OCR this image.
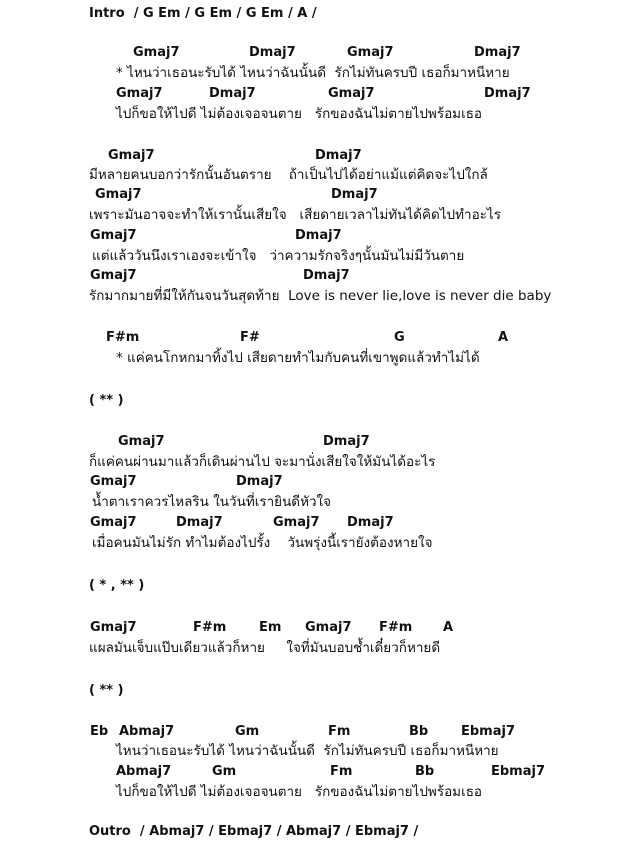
Intro  / G Em / G Em / G Em / A /
Gmaj7	Dmaj7	Gmaj7	Dmaj7
* ไหนว่าเธอนะรับได้ ไหนว่าฉันนั้นดี  รักไม่ทันครบปี เธอก็มาหนีหาย
Gmaj7	Dmaj7	Gmaj7	Dmaj7
ไปก็ขอให้ไปดี ไม่ต้องเจอจนตาย   รักของฉันไม่ตายไปพร้อมเธอ
Gmaj7	Dmaj7
มีหลายคนบอกว่ารักนั้นอันตราย    ถ้าเป็นไปได้อย่าแม้แต่คิดจะไปใกล้
Gmaj7	Dmaj7
เพราะมันอาจจะทำให้เรานั้นเสียใจ   เสียดายเวลาไม่ทันได้คิดไปทำอะไร
Gmaj7	Dmaj7
แต่แล้ววันนึงเราเองจะเข้าใจ   ว่าความรักจริงๆนั้นมันไม่มีวันตาย
Gmaj7	Dmaj7
รักมากมายที่มีให้กันจนวันสุดท้าย  Love is never lie,love is never die baby
F#m	F#	G	A
* แค่คนโกหกมาทิ้งไป เสียดายทำไมกับคนที่เขาพูดแล้วทำไม่ได้
( ** )
Gmaj7	Dmaj7
ก็แค่คนผ่านมาแล้วก็เดินผ่านไป จะมานั่งเสียใจให้มันได้อะไร
Gmaj7	Dmaj7
น้ำตาเราควรไหลริน ในวันที่เรายินดีหัวใจ
Gmaj7	Dmaj7	Gmaj7 Dmaj7
เมื่อคนมันไม่รัก ทำไมต้องไปรั้ง    วันพรุ่งนี้เรายังต้องหายใจ
( * , ** )
Gmaj7	F#m	Em Gmaj7 F#m A
แผลมันเจ็บแป๊บเดียวแล้วก็หาย     ใจที่มันบอบช้ำเดี๋ยวก็หายดี
( ** )
Eb Abmaj7	Gm	Fm	Bb	Ebmaj7
ไหนว่าเธอนะรับได้ ไหนว่าฉันนั้นดี  รักไม่ทันครบปี เธอก็มาหนีหาย
Abmaj7	Gm	Fm	Bb	Ebmaj7
ไปก็ขอให้ไปดี ไม่ต้องเจอจนตาย   รักของฉันไม่ตายไปพร้อมเธอ
Outro  / Abmaj7 / Ebmaj7 / Abmaj7 / Ebmaj7 /
